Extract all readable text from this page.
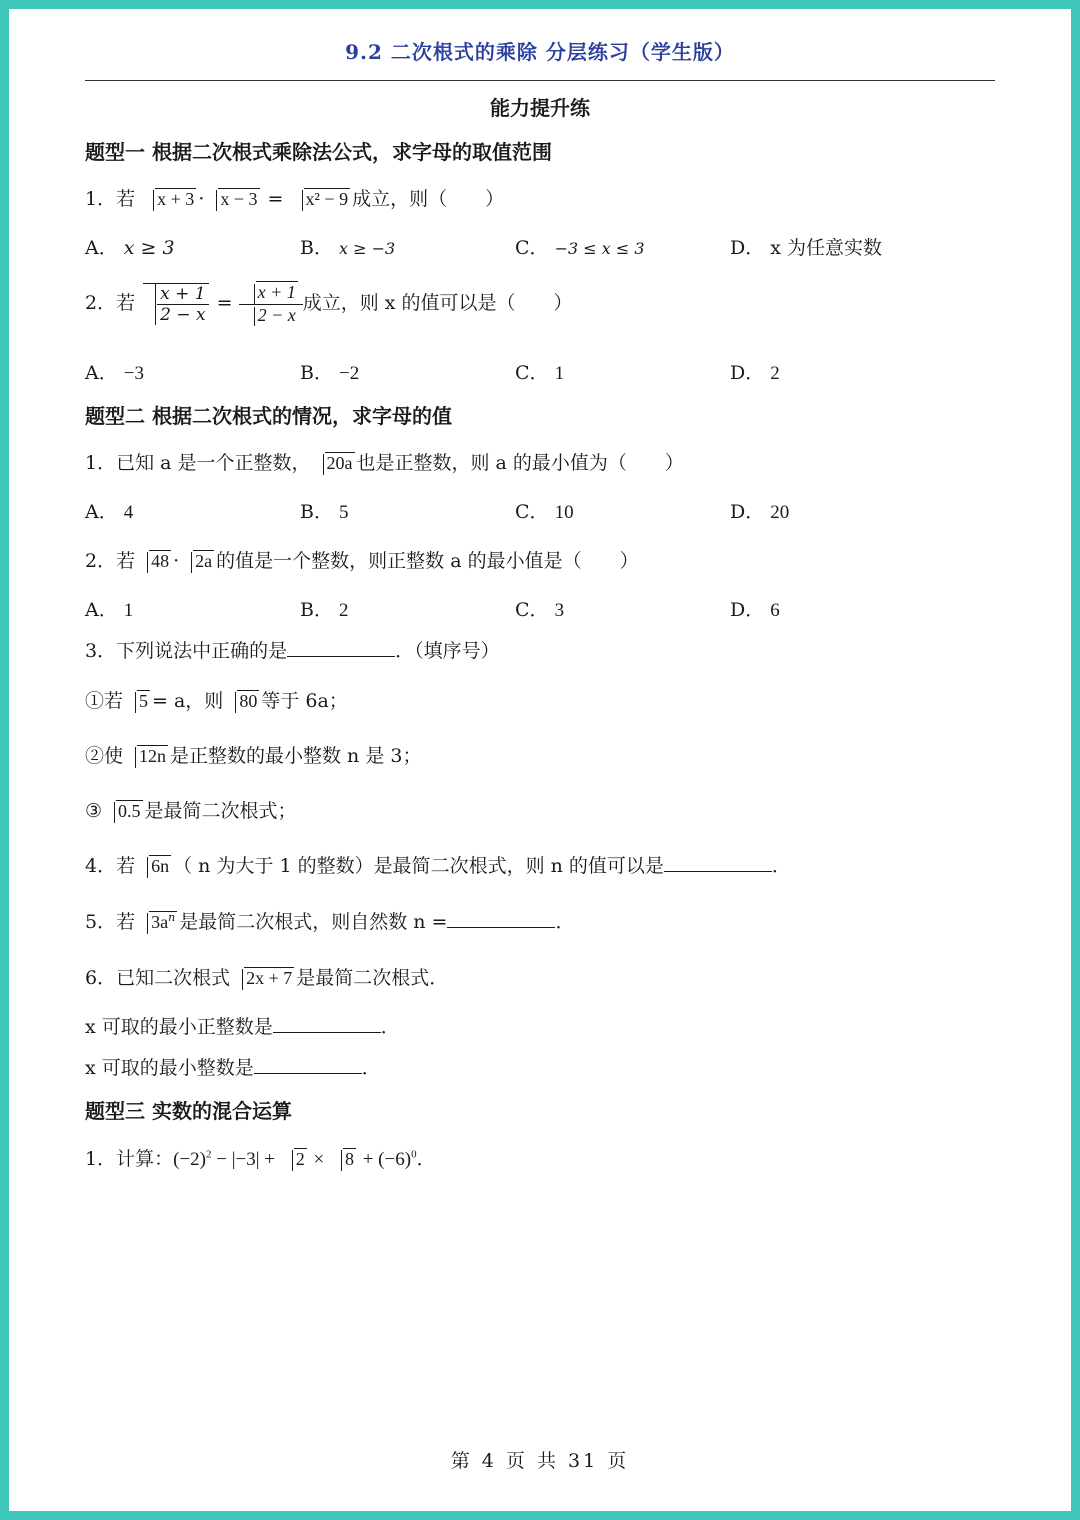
9.2 二次根式的乘除 分层练习（学生版）
能力提升练
题型一 根据二次根式乘除法公式，求字母的取值范围
1．若 x + 3 · x − 3 = x² − 9 成立，则（　　）
A． x ≥ 3	B． x ≥ −3	C． −3 ≤ x ≤ 3	D． x 为任意实数
2．若 $\frac{x + 1}{2 - x} = \frac{x + 1}{2 - x}$ 成立，则 x 的值可以是（　　）
A． −3	B． −2	C． 1	D． 2
题型二 根据二次根式的情况，求字母的值
1．已知 a 是一个正整数， 20a 也是正整数，则 a 的最小值为（　　）
A． 4	B． 5	C． 10	D． 20
2．若 48 · 2a 的值是一个整数，则正整数 a 的最小值是（　　）
A． 1	B． 2	C． 3	D． 6
3．下列说法中正确的是	．（填序号）
①若 5 = a，则 80 等于 6a；
②使 12n 是正整数的最小整数 n 是 3；
③ 0.5 是最简二次根式；
4．若 6n （ n 为大于 1 的整数）是最简二次根式，则 n 的值可以是	．
5．若 $3a^n$ 是最简二次根式，则自然数 n =	．
6．已知二次根式 2x + 7 是最简二次根式．
x 可取的最小正整数是	．
x 可取的最小整数是	．
题型三 实数的混合运算
1．计算：$(-2)^2 - |-3| + 2 \times 8 + (-6)^0$．
第 4 页 共 31 页
